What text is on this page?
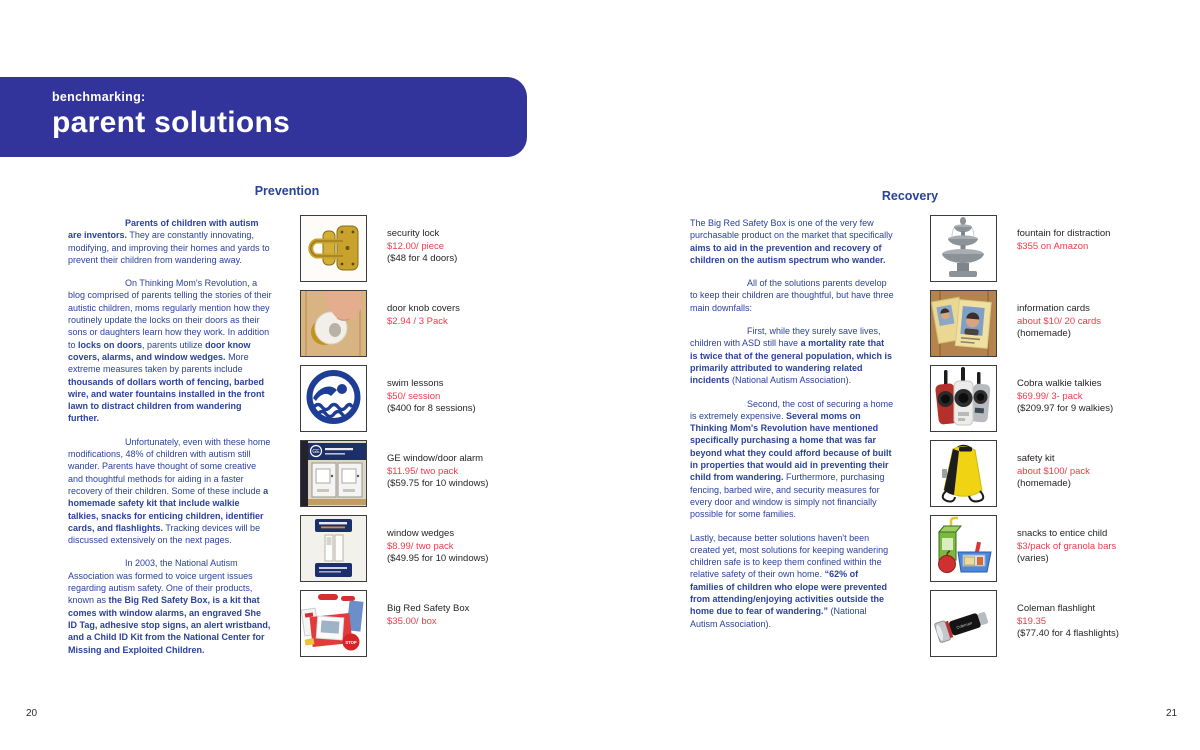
benchmarking:
parent solutions
Prevention	Recovery

Parents of children with autism are inventors. They are constantly innovating, modifying, and improving their homes and yards to prevent their children from wandering away.

On Thinking Mom's Revolution, a blog comprised of parents telling the stories of their autistic children, moms regularly mention how they routinely update the locks on their doors as their sons or daughters learn how they work. In addition to locks on doors, parents utilize door know covers, alarms, and window wedges. More extreme measures taken by parents include thousands of dollars worth of fencing, barbed wire, and water fountains installed in the front lawn to distract children from wandering further.

Unfortunately, even with these home modifications, 48% of children with autism still wander. Parents have thought of some creative and thoughtful methods for aiding in a faster recovery of their children. Some of these include a homemade safety kit that include walkie talkies, snacks for enticing children, identifier cards, and flashlights. Tracking devices will be discussed extensively on the next pages.

In 2003, the National Autism Association was formed to voice urgent issues regarding autism safety. One of their products, known as the Big Red Safety Box, is a kit that comes with window alarms, an engraved She ID Tag, adhesive stop signs, an alert wristband, and a Child ID Kit from the National Center for Missing and Exploited Children.

The Big Red Safety Box is one of the very few purchasable product on the market that specifically aims to aid in the prevention and recovery of children on the autism spectrum who wander.

All of the solutions parents develop to keep their children are thoughtful, but have three main downfalls:

First, while they surely save lives, children with ASD still have a mortality rate that is twice that of the general population, which is primarily attributed to wandering related incidents (National Autism Association).

Second, the cost of securing a home is extremely expensive. Several moms on Thinking Mom's Revolution have mentioned specifically purchasing a home that was far beyond what they could afford because of built in properties that would aid in preventing their child from wandering. Furthermore, purchasing fencing, barbed wire, and security measures for every door and window is simply not financially possible for some families.

Lastly, because better solutions haven't been created yet, most solutions for keeping wandering children safe is to keep them confined within the relative safety of their own home. “62% of families of children who elope were prevented from attending/enjoying activities outside the home due to fear of wandering.” (National Autism Association).

security lock
$12.00/ piece
($48 for 4 doors)
door knob covers
$2.94 / 3 Pack
swim lessons
$50/ session
($400 for 8 sessions)
GE
GE window/door alarm
$11.95/ two pack
($59.75 for 10 windows)
window wedges
$8.99/ two pack
($49.95 for 10 windows)
STOP
Big Red Safety Box
$35.00/ box
fountain for distraction
$355 on Amazon
information cards
about $10/ 20 cards
(homemade)
Cobra walkie talkies
$69.99/ 3- pack
($209.97 for 9 walkies)
safety kit
about $100/ pack
(homemade)
snacks to entice child
$3/pack of granola bars
(varies)
Coleman
Coleman flashlight
$19.35
($77.40 for 4 flashlights)
20	21
